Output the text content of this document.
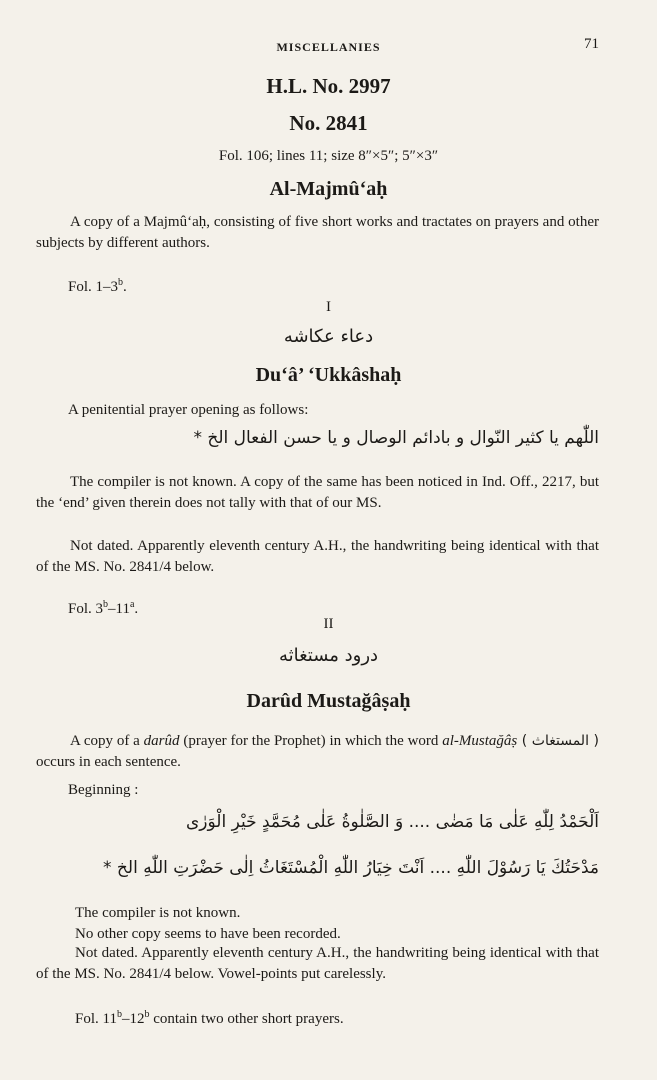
MISCELLANIES	71
H.L. No. 2997
No. 2841
Fol. 106; lines 11; size 8″×5″; 5″×3″
Al-Majmû‘aḥ
A copy of a Majmû‘aḥ, consisting of five short works and tractates on prayers and other subjects by different authors.
Fol. 1–3$^b$.
I
دعاء عكاشه
Du‘â’ ‘Ukkâshaḥ
A penitential prayer opening as follows:
اللّٰهم يا كثير النّوال و بادائم الوصال و يا حسن الفعال الخ *
The compiler is not known. A copy of the same has been noticed in Ind. Off., 2217, but the ‘end’ given therein does not tally with that of our MS.
Not dated. Apparently eleventh century A.H., the handwriting being identical with that of the MS. No. 2841/4 below.
Fol. 3$^b$–11$^a$.
II
درود مستغاثه
Darûd Mustağâṣaḥ
A copy of a darûd (prayer for the Prophet) in which the word al-Mustağâṣ ( المستغاث ) occurs in each sentence.
Beginning :
اَلْحَمْدُ لِلّٰهِ عَلٰی مَا مَضٰی .... وَ الصَّلٰوةُ عَلٰی مُحَمَّدٍ خَيْرِ الْوَرٰی
مَدْحَتُكَ يَا رَسُوْلَ اللّٰهِ .... اَنْتَ خِيَارُ اللّٰهِ الْمُسْتَغَاثُ اِلٰی حَضْرَتِ اللّٰهِ الخ *
The compiler is not known.
No other copy seems to have been recorded.
Not dated. Apparently eleventh century A.H., the handwriting being identical with that of the MS. No. 2841/4 below. Vowel-points put carelessly.
Fol. 11$^b$–12$^b$ contain two other short prayers.
